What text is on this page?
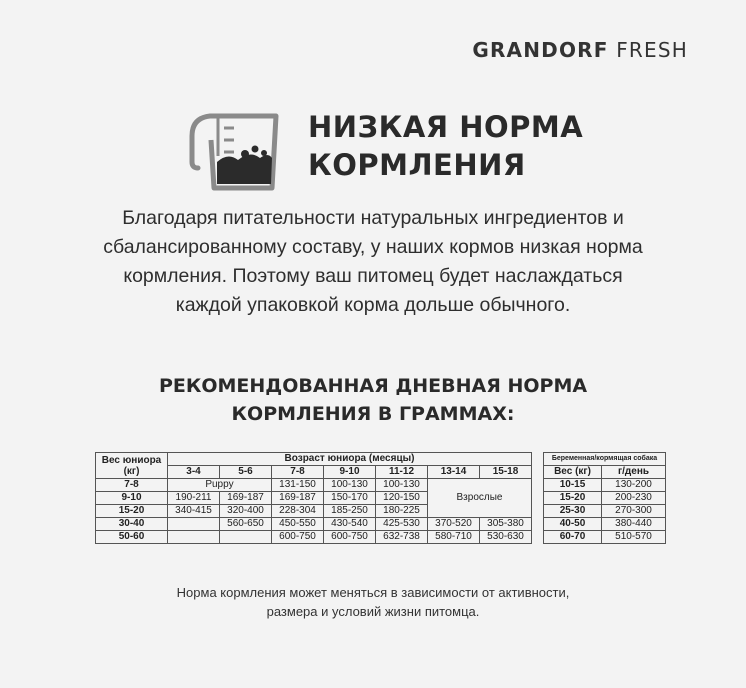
GRANDORF FRESH
НИЗКАЯ НОРМА
КОРМЛЕНИЯ
Благодаря питательности натуральных ингредиентов и
сбалансированному составу, у наших кормов низкая норма
кормления. Поэтому ваш питомец будет наслаждаться
каждой упаковкой корма дольше обычного.
РЕКОМЕНДОВАННАЯ ДНЕВНАЯ НОРМА
КОРМЛЕНИЯ В ГРАММАХ:
Вес юниора (кг)	Возраст юниора (месяцы)						
	3-4	5-6	7-8	9-10	11-12	13-14	15-18
7-8	Puppy		131-150	100-130	100-130	Взрослые	
9-10	190-211	169-187	169-187	150-170	120-150		
15-20	340-415	320-400	228-304	185-250	180-225		
30-40		560-650	450-550	430-540	425-530	370-520	305-380
50-60			600-750	600-750	632-738	580-710	530-630
Беременная/кормящая собака	
Вес (кг)	г/день
10-15	130-200
15-20	200-230
25-30	270-300
40-50	380-440
60-70	510-570
Норма кормления может меняться в зависимости от активности,
размера и условий жизни питомца.
